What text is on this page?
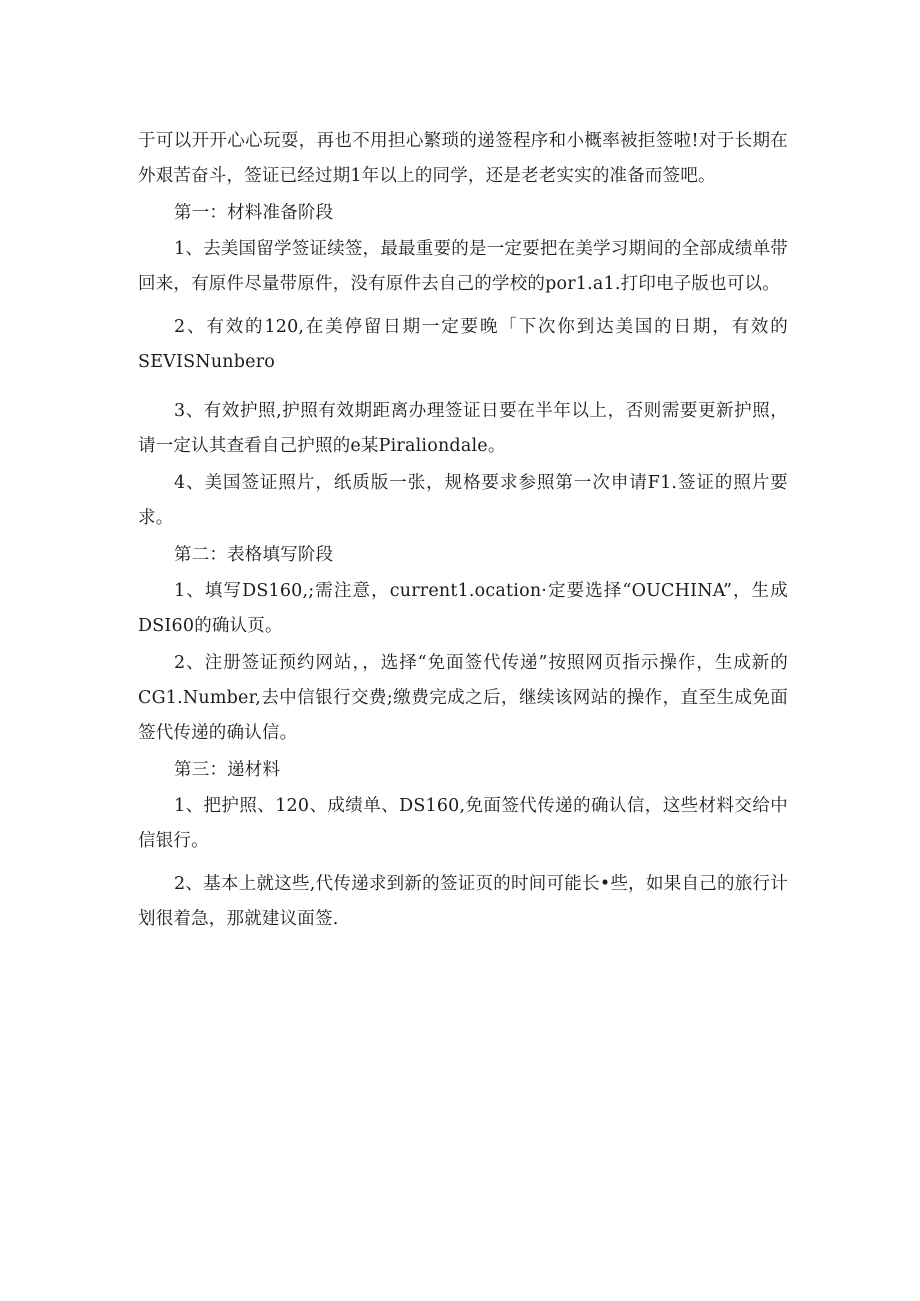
于可以开开心心玩耍，再也不用担心繁琐的递签程序和小概率被拒签啦!对于长期在外艰苦奋斗，签证已经过期1年以上的同学，还是老老实实的准备而签吧。

第一：材料准备阶段

1、去美国留学签证续签，最最重要的是一定要把在美学习期间的全部成绩单带回来，有原件尽量带原件，没有原件去自己的学校的por1.a1.打印电子版也可以。

2、有效的120,在美停留日期一定要晚「下次你到达美国的日期，有效的SEVISNunbero

3、有效护照,护照有效期距离办理签证日要在半年以上，否则需要更新护照，请一定认其查看自己护照的e某Piraliondale。

4、美国签证照片，纸质版一张，规格要求参照第一次申请F1.签证的照片要求。

第二：表格填写阶段

1、填写DS160,;需注意，current1.ocation·定要选择“OUCHINA”，生成DSI60的确认页。

2、注册签证预约网站，，选择“免面签代传递”按照网页指示操作，生成新的CG1.Number,去中信银行交费;缴费完成之后，继续该网站的操作，直至生成免面签代传递的确认信。

第三：递材料

1、把护照、120、成绩单、DS160,免面签代传递的确认信，这些材料交给中信银行。

2、基本上就这些,代传递求到新的签证页的时间可能长•些，如果自己的旅行计划很着急，那就建议面签.
